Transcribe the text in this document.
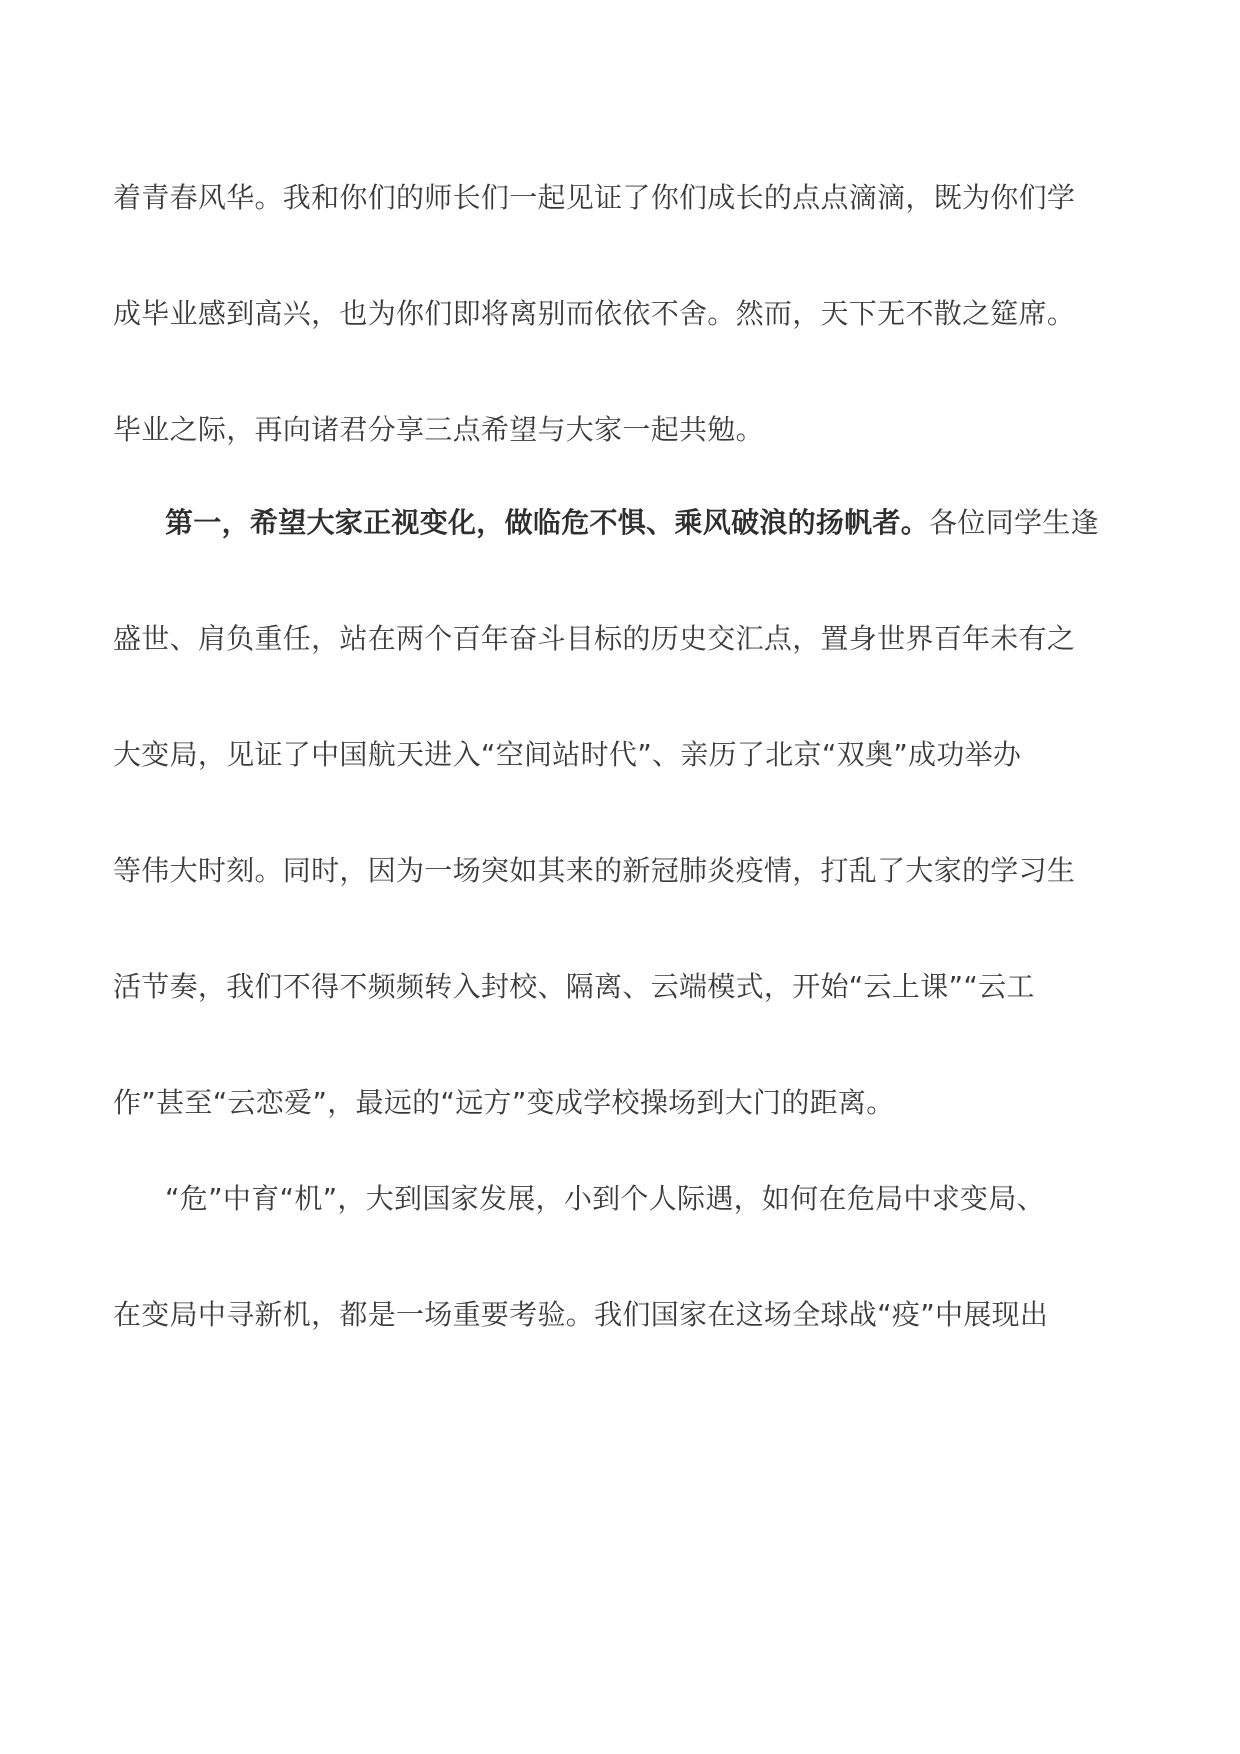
着青春风华。我和你们的师长们一起见证了你们成长的点点滴滴，既为你们学
成毕业感到高兴，也为你们即将离别而依依不舍。然而，天下无不散之筵席。
毕业之际，再向诸君分享三点希望与大家一起共勉。
第一，希望大家正视变化，做临危不惧、乘风破浪的扬帆者。各位同学生逢
盛世、肩负重任，站在两个百年奋斗目标的历史交汇点，置身世界百年未有之
大变局，见证了中国航天进入“空间站时代”、亲历了北京“双奥”成功举办
等伟大时刻。同时，因为一场突如其来的新冠肺炎疫情，打乱了大家的学习生
活节奏，我们不得不频频转入封校、隔离、云端模式，开始“云上课”“云工
作”甚至“云恋爱”，最远的“远方”变成学校操场到大门的距离。
“危”中育“机”，大到国家发展，小到个人际遇，如何在危局中求变局、
在变局中寻新机，都是一场重要考验。我们国家在这场全球战“疫”中展现出
